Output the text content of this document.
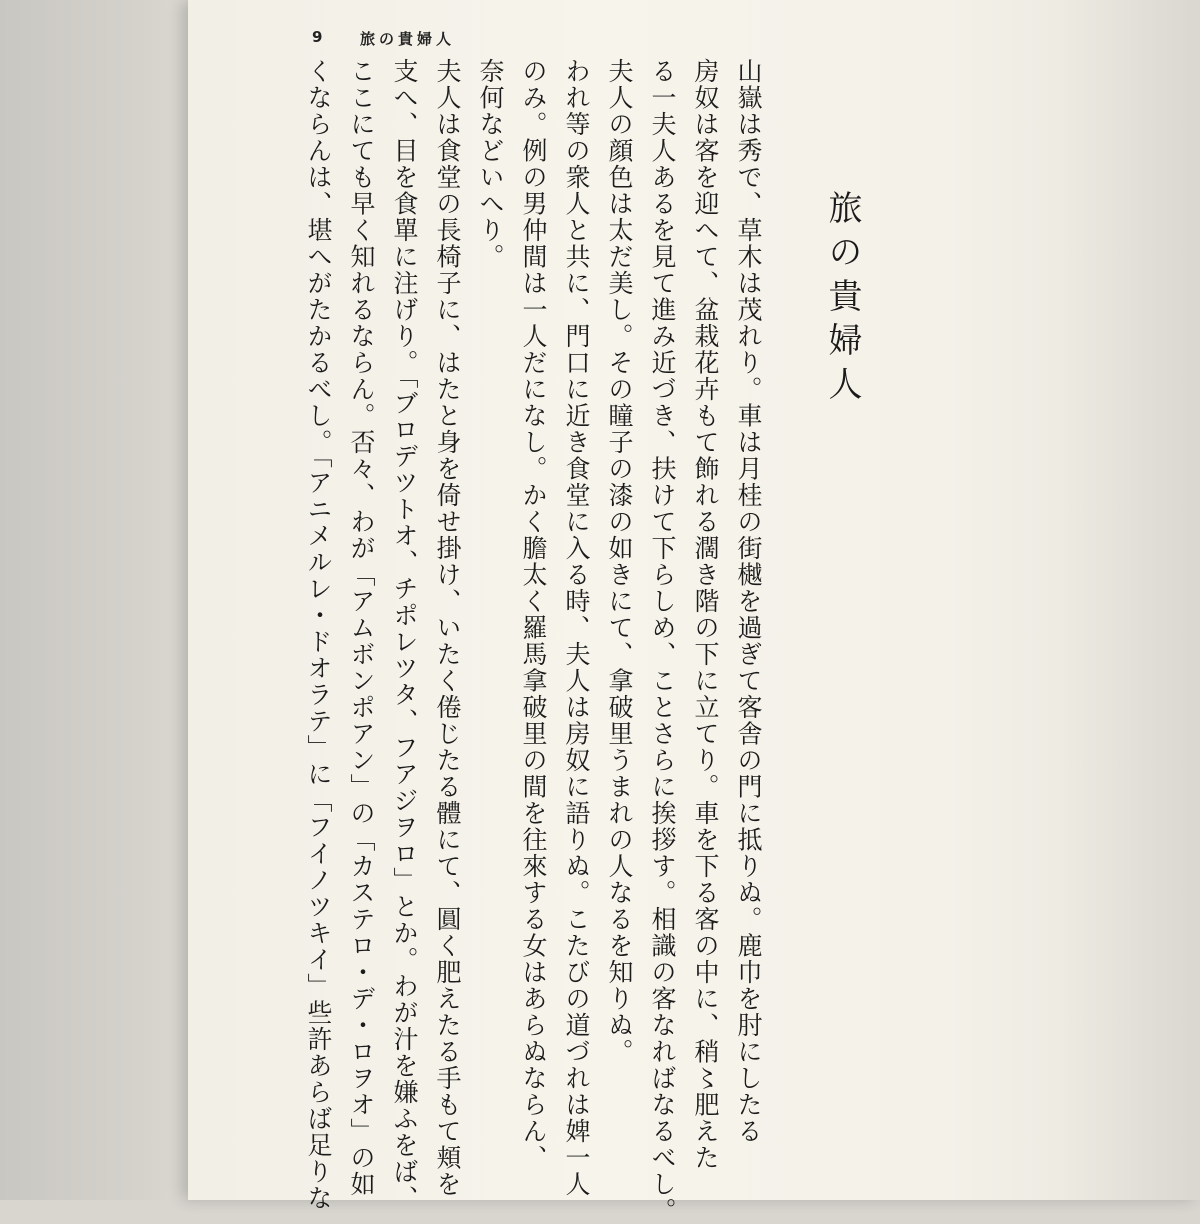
9	旅の貴婦人
旅の貴婦人
山嶽は秀で、草木は茂れり。車は月桂の街樾を過ぎて客舎の門に抵りぬ。鹿巾を肘にしたる
房奴は客を迎へて、盆栽花卉もて飾れる濶き階の下に立てり。車を下る客の中に、稍〻肥えた
る一夫人あるを見て進み近づき、扶けて下らしめ、ことさらに挨拶す。相識の客なればなるべし。
夫人の顔色は太だ美し。その瞳子の漆の如きにて、拿破里うまれの人なるを知りぬ。
われ等の衆人と共に、門口に近き食堂に入る時、夫人は房奴に語りぬ。こたびの道づれは婢一人
のみ。例の男仲間は一人だになし。かく膽太く羅馬拿破里の間を往來する女はあらぬならん、
奈何などいへり。
夫人は食堂の長椅子に、はたと身を倚せ掛け、いたく倦じたる體にて、圓く肥えたる手もて頬を
支へ、目を食單に注げり。「ブロデツトオ、チポレツタ、フアジヲロ」とか。わが汁を嫌ふをば、
ここにても早く知れるならん。否々、わが「アムボンポアン」の「カステロ・デ・ロヲオ」の如
くならんは、堪へがたかるべし。「アニメルレ・ドオラテ」に「フイノツキイ」些許あらば足りな
